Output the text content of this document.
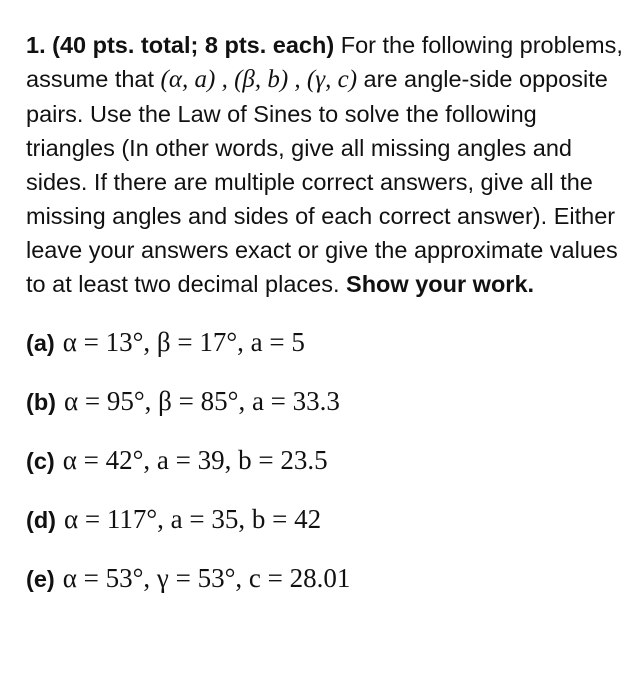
1. (40 pts. total; 8 pts. each) For the following problems, assume that (α, a) , (β, b) , (γ, c) are angle-side opposite pairs. Use the Law of Sines to solve the following triangles (In other words, give all missing angles and sides. If there are multiple correct answers, give all the missing angles and sides of each correct answer). Either leave your answers exact or give the approximate values to at least two decimal places. Show your work.

(a) α = 13°, β = 17°, a = 5
(b) α = 95°, β = 85°, a = 33.3
(c) α = 42°, a = 39, b = 23.5
(d) α = 117°, a = 35, b = 42
(e) α = 53°, γ = 53°, c = 28.01
